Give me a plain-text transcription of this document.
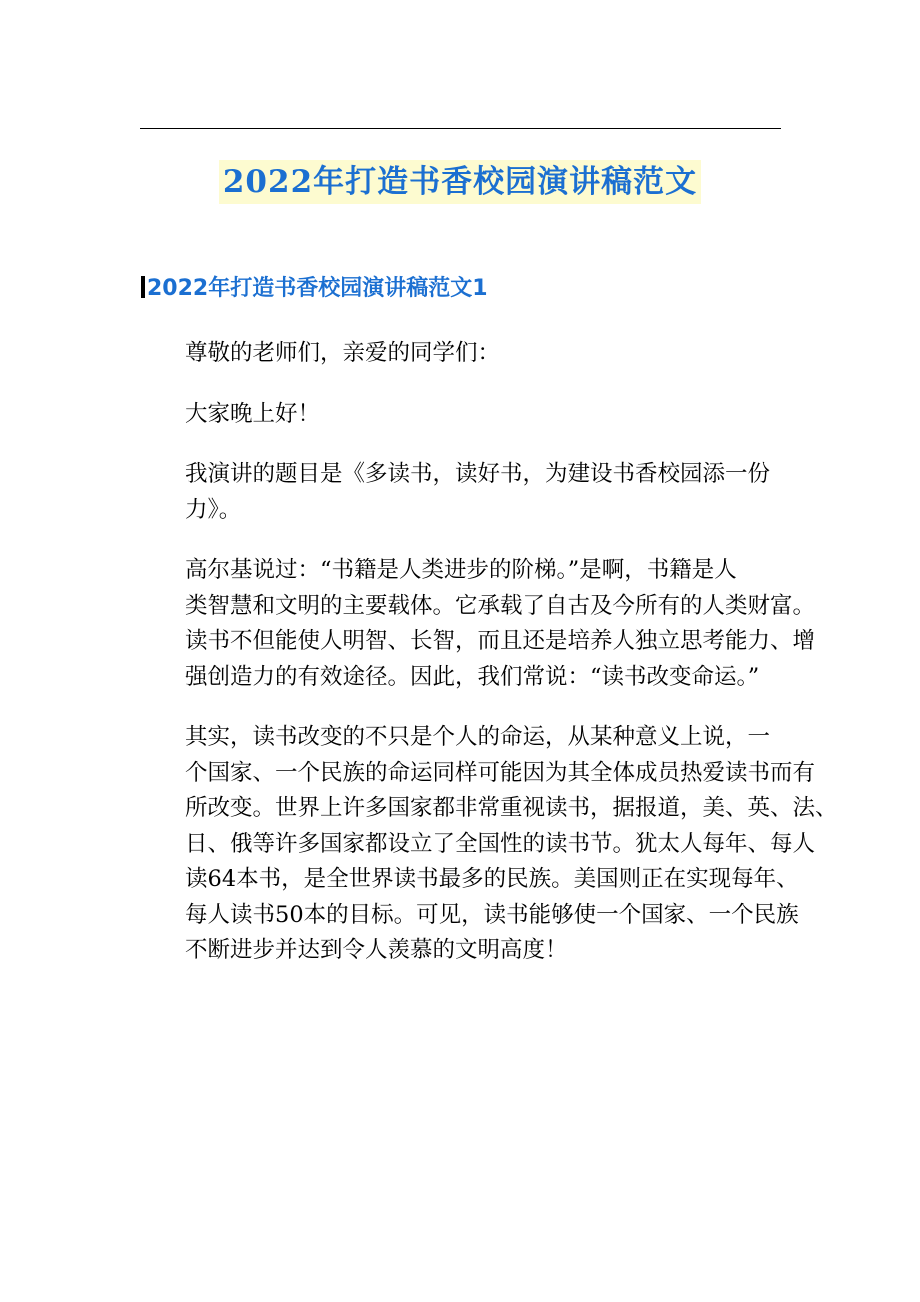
2022年打造书香校园演讲稿范文
2022年打造书香校园演讲稿范文1

尊敬的老师们，亲爱的同学们：

大家晚上好！

我演讲的题目是《多读书，读好书，为建设书香校园添一份
力》。

高尔基说过：“书籍是人类进步的阶梯。”是啊，书籍是人
类智慧和文明的主要载体。它承载了自古及今所有的人类财富。
读书不但能使人明智、长智，而且还是培养人独立思考能力、增
强创造力的有效途径。因此，我们常说：“读书改变命运。”

其实，读书改变的不只是个人的命运，从某种意义上说，一
个国家、一个民族的命运同样可能因为其全体成员热爱读书而有
所改变。世界上许多国家都非常重视读书，据报道，美、英、法、
日、俄等许多国家都设立了全国性的读书节。犹太人每年、每人
读64本书，是全世界读书最多的民族。美国则正在实现每年、
每人读书50本的目标。可见，读书能够使一个国家、一个民族
不断进步并达到令人羡慕的文明高度！
